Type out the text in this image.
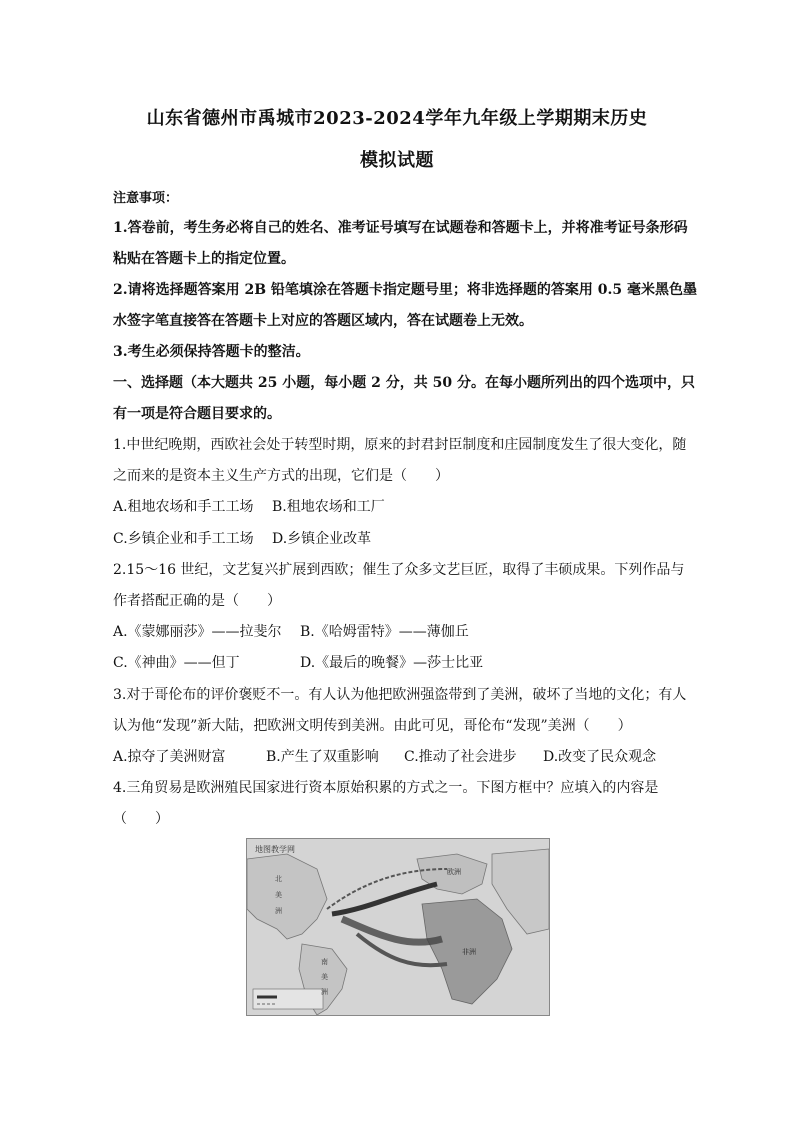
山东省德州市禹城市2023-2024学年九年级上学期期末历史
模拟试题
注意事项：
1.答卷前，考生务必将自己的姓名、准考证号填写在试题卷和答题卡上，并将准考证号条形码
粘贴在答题卡上的指定位置。
2.请将选择题答案用 2B 铅笔填涂在答题卡指定题号里；将非选择题的答案用 0.5 毫米黑色墨
水签字笔直接答在答题卡上对应的答题区域内，答在试题卷上无效。
3.考生必须保持答题卡的整洁。
一、选择题（本大题共 25 小题，每小题 2 分，共 50 分。在每小题所列出的四个选项中，只
有一项是符合题目要求的。
1.中世纪晚期，西欧社会处于转型时期，原来的封君封臣制度和庄园制度发生了很大变化，随
之而来的是资本主义生产方式的出现，它们是（　　）
A.租地农场和手工工场 B.租地农场和工厂
C.乡镇企业和手工工场 D.乡镇企业改革
2.15～16 世纪，文艺复兴扩展到西欧；催生了众多文艺巨匠，取得了丰硕成果。下列作品与
作者搭配正确的是（　　）
A.《蒙娜丽莎》——拉斐尔 B.《哈姆雷特》——薄伽丘
C.《神曲》——但丁	D.《最后的晚餐》—莎士比亚
3.对于哥伦布的评价褒贬不一。有人认为他把欧洲强盗带到了美洲，破坏了当地的文化；有人
认为他“发现”新大陆，把欧洲文明传到美洲。由此可见，哥伦布“发现”美洲（　　）
A.掠夺了美洲财富	B.产生了双重影响 C.推动了社会进步 D.改变了民众观念
4.三角贸易是欧洲殖民国家进行资本原始积累的方式之一。下图方框中？应填入的内容是
（　　）
北
美
洲
南
美
洲
欧洲
非洲
地图教学网
